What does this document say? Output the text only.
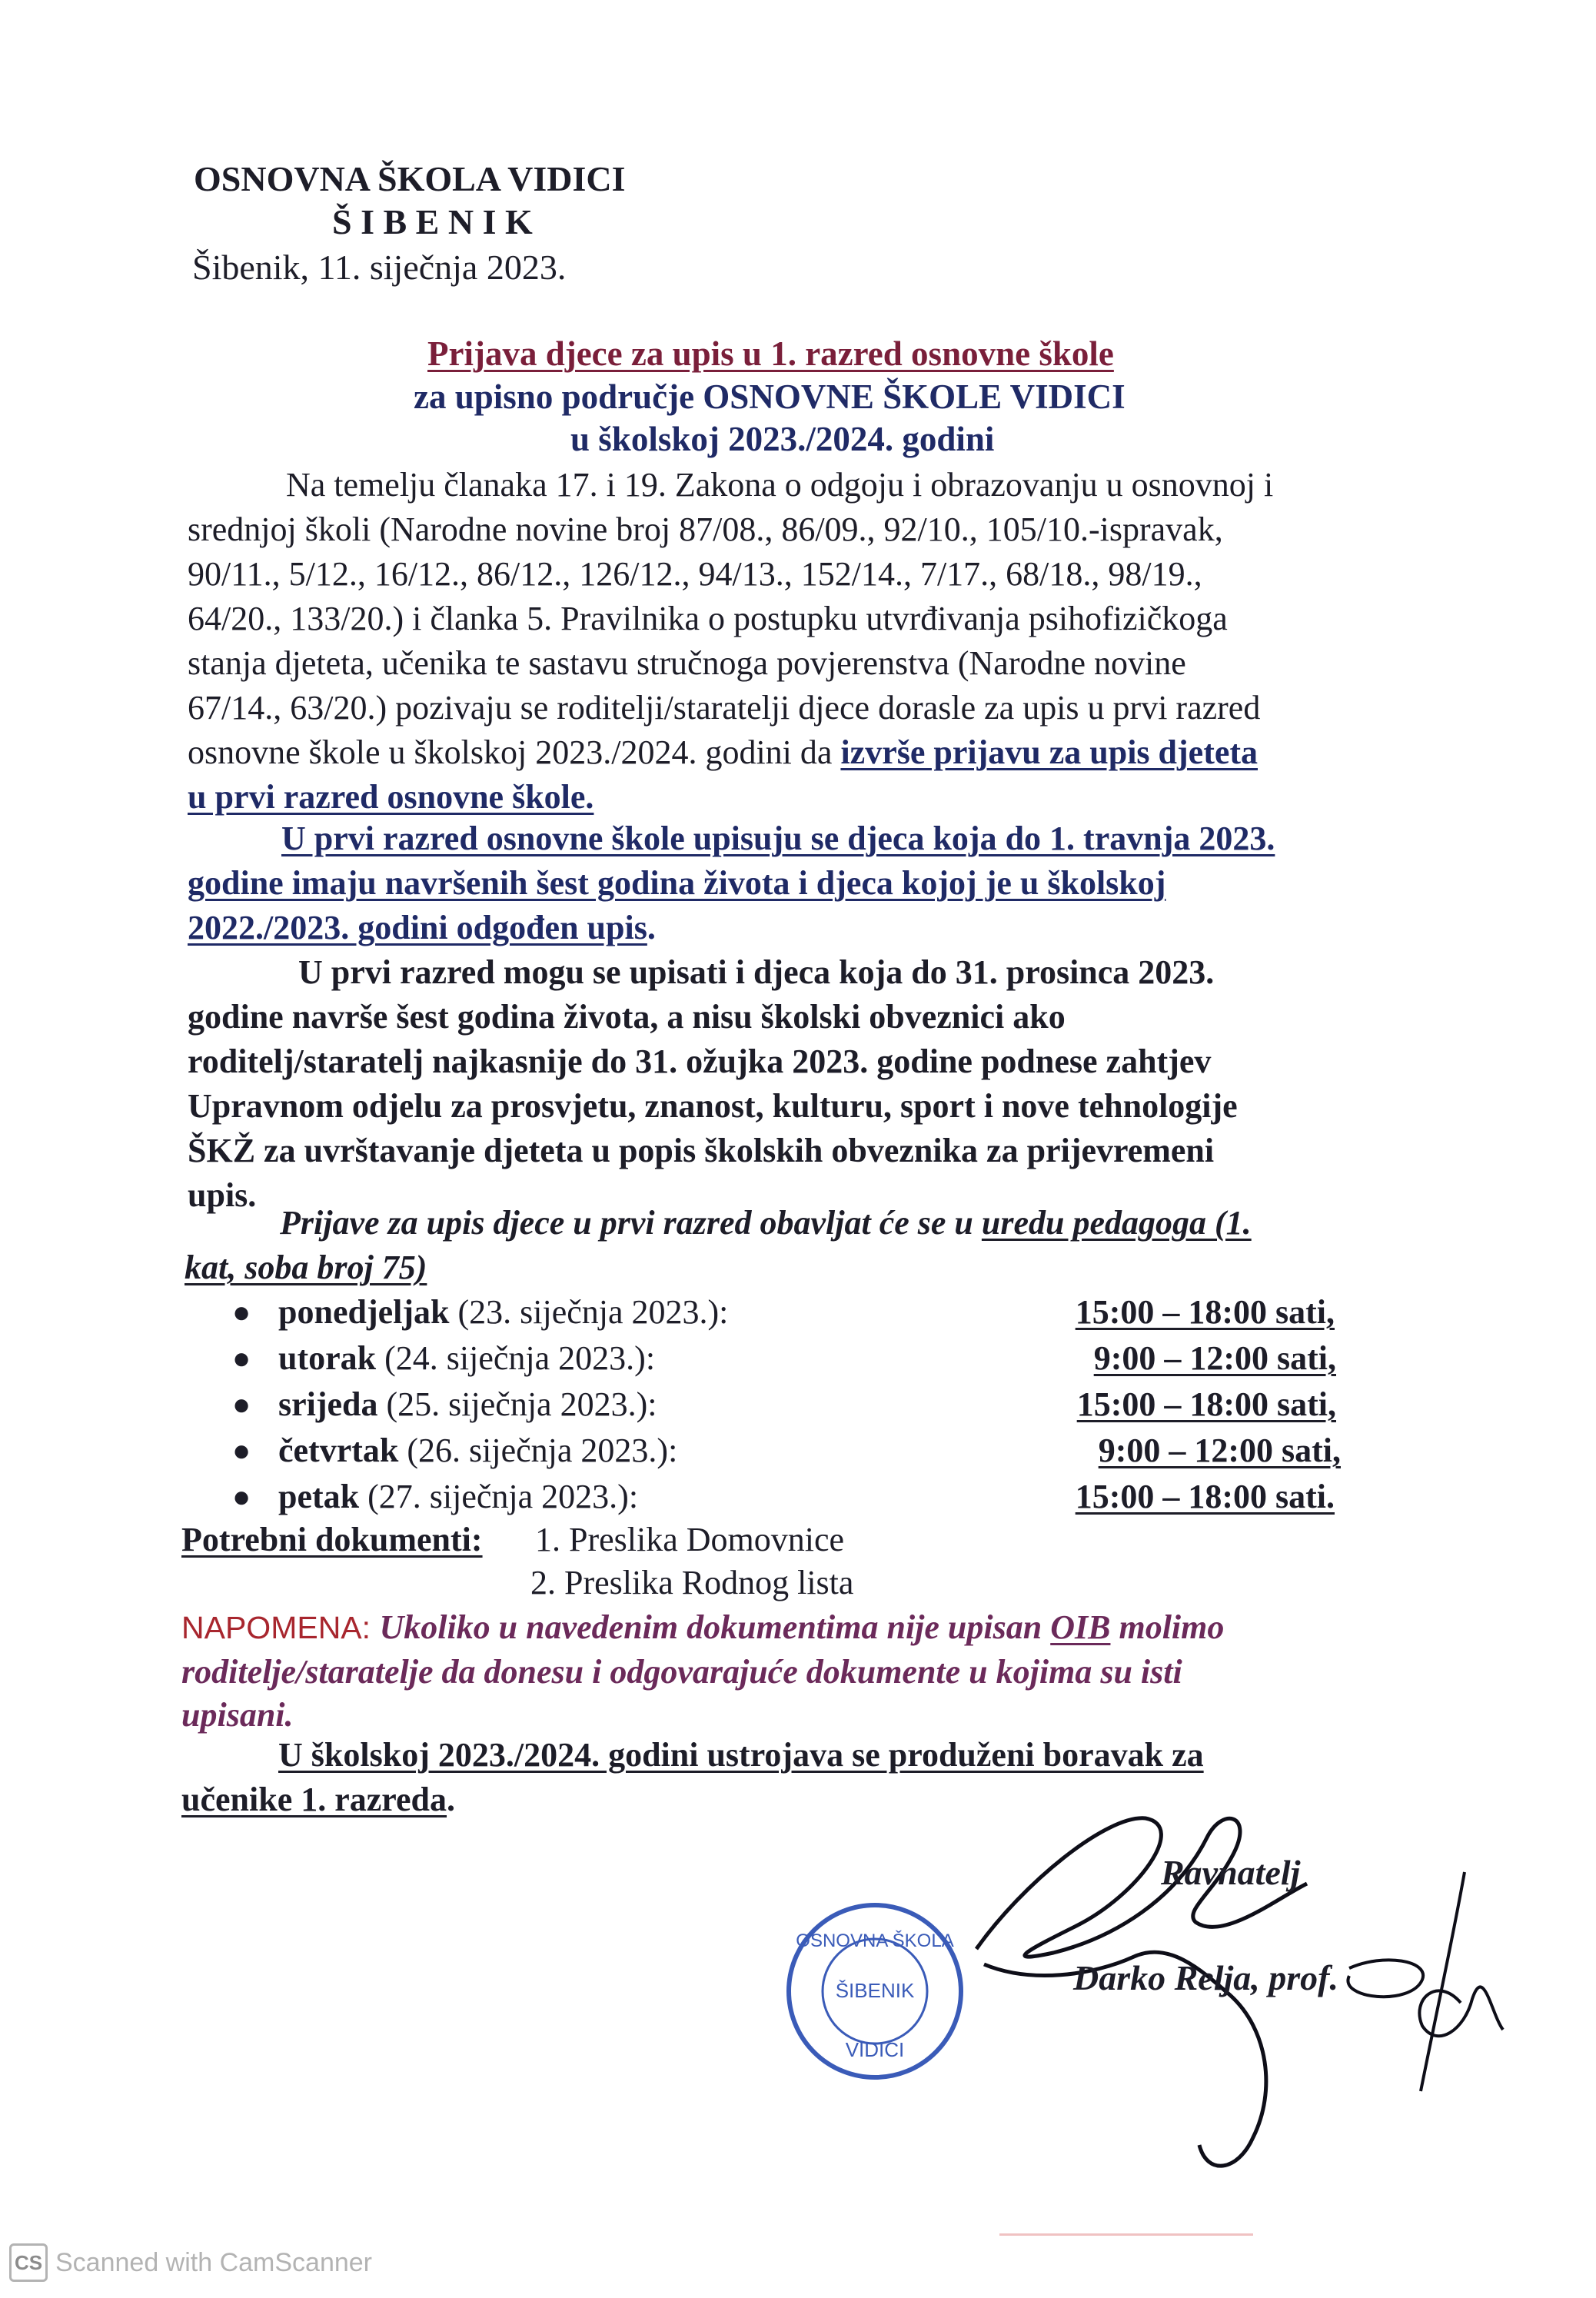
OSNOVNA ŠKOLA VIDICI
Š I B E N I K
Šibenik, 11. siječnja 2023.
Prijava djece za upis u 1. razred osnovne škole
za upisno područje OSNOVNE ŠKOLE VIDICI
u školskoj 2023./2024. godini
Na temelju članaka 17. i 19. Zakona o odgoju i obrazovanju u osnovnoj i
srednjoj školi (Narodne novine broj 87/08., 86/09., 92/10., 105/10.-ispravak,
90/11., 5/12., 16/12., 86/12., 126/12., 94/13., 152/14., 7/17., 68/18., 98/19.,
64/20., 133/20.) i članka 5. Pravilnika o postupku utvrđivanja psihofizičkoga
stanja djeteta, učenika te sastavu stručnoga povjerenstva (Narodne novine
67/14., 63/20.) pozivaju se roditelji/staratelji djece dorasle za upis u prvi razred
osnovne škole u školskoj 2023./2024. godini da izvrše prijavu za upis djeteta
u prvi razred osnovne škole.
U prvi razred osnovne škole upisuju se djeca koja do 1. travnja 2023.
godine imaju navršenih šest godina života i djeca kojoj je u školskoj
2022./2023. godini odgođen upis.
U prvi razred mogu se upisati i djeca koja do 31. prosinca 2023.
godine navrše šest godina života, a nisu školski obveznici ako
roditelj/staratelj najkasnije do 31. ožujka 2023. godine podnese zahtjev
Upravnom odjelu za prosvjetu, znanost, kulturu, sport i nove tehnologije
ŠKŽ za uvrštavanje djeteta u popis školskih obveznika za prijevremeni
upis.
Prijave za upis djece u prvi razred obavljat će se u uredu pedagoga (1.
kat, soba broj 75)
● ponedjeljak (23. siječnja 2023.):	15:00 – 18:00 sati,
● utorak (24. siječnja 2023.):	9:00 – 12:00 sati,
● srijeda (25. siječnja 2023.):	15:00 – 18:00 sati,
● četvrtak (26. siječnja 2023.):	9:00 – 12:00 sati,
● petak (27. siječnja 2023.):	15:00 – 18:00 sati.
Potrebni dokumenti: 1. Preslika Domovnice
2. Preslika Rodnog lista
NAPOMENA: Ukoliko u navedenim dokumentima nije upisan OIB molimo
roditelje/staratelje da donesu i odgovarajuće dokumente u kojima su isti
upisani.
U školskoj 2023./2024. godini ustrojava se produženi boravak za
učenike 1. razreda.
OSNOVNA ŠKOLA
ŠIBENIK
VIDICI
Ravnatelj
Darko Relja, prof.
CS Scanned with CamScanner
